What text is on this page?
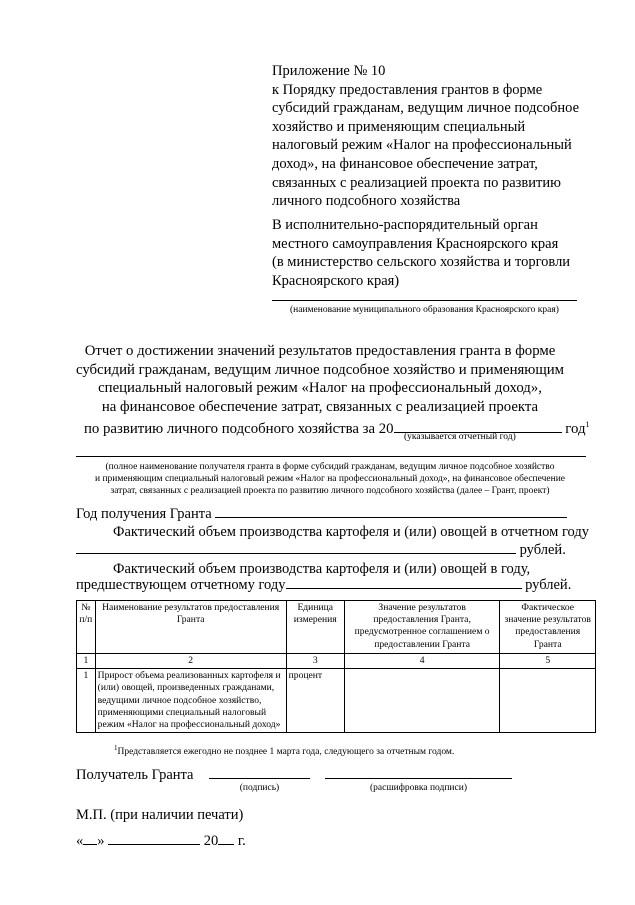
Приложение № 10
к Порядку предоставления грантов в форме
субсидий гражданам, ведущим личное подсобное
хозяйство и применяющим специальный
налоговый режим «Налог на профессиональный
доход», на финансовое обеспечение затрат,
связанных с реализацией проекта по развитию
личного подсобного хозяйства
В исполнительно-распорядительный орган
местного самоуправления Красноярского края
(в министерство сельского хозяйства и торговли
Красноярского края)
(наименование муниципального образования Красноярского края)
Отчет о достижении значений результатов предоставления гранта в форме
субсидий гражданам, ведущим личное подсобное хозяйство и применяющим
специальный налоговый режим «Налог на профессиональный доход»,
на финансовое обеспечение затрат, связанных с реализацией проекта
по развитию личного подсобного хозяйства за 20	год$^1$
(указывается отчетный год)
(полное наименование получателя гранта в форме субсидий гражданам, ведущим личное подсобное хозяйство
и применяющим специальный налоговый режим «Налог на профессиональный доход», на финансовое обеспечение
затрат, связанных с реализацией проекта по развитию личного подсобного хозяйства (далее – Грант, проект)
Год получения Гранта
Фактический объем производства картофеля и (или) овощей в отчетном году
рублей.
Фактический объем производства картофеля и (или) овощей в году,
предшествующем отчетному году	рублей.
№ п/п	Наименование результатов предоставления Гранта	Единица измерения	Значение результатов предоставления Гранта, предусмотренное соглашением о предоставлении Гранта	Фактическое значение результатов предоставления Гранта
1	2	3	4	5
1	Прирост объема реализованных картофеля и (или) овощей, произведенных гражданами, ведущими личное подсобное хозяйство, применяющими специальный налоговый режим «Налог на профессиональный доход»	процент		
$^1$Представляется ежегодно не позднее 1 марта года, следующего за отчетным годом.
Получатель Гранта
(подпись)	(расшифровка подписи)
М.П. (при наличии печати)
« »	20 г.
